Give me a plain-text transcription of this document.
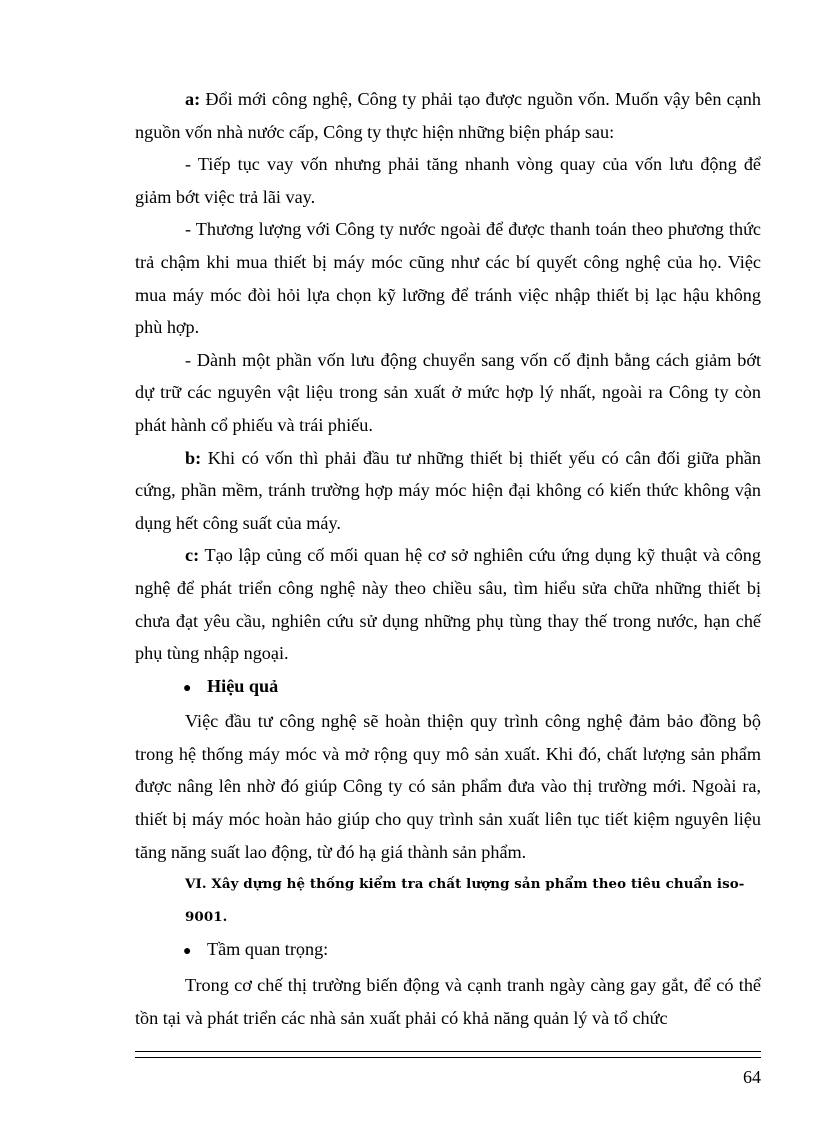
a: Đổi mới công nghệ, Công ty phải tạo được nguồn vốn. Muốn vậy bên cạnh nguồn vốn nhà nước cấp, Công ty thực hiện những biện pháp sau:

- Tiếp tục vay vốn nhưng phải tăng nhanh vòng quay của vốn lưu động để giảm bớt việc trả lãi vay.

- Thương lượng với Công ty nước ngoài để được thanh toán theo phương thức trả chậm khi mua thiết bị máy móc cũng như các bí quyết công nghệ của họ. Việc mua máy móc đòi hỏi lựa chọn kỹ lưỡng để tránh việc nhập thiết bị lạc hậu không phù hợp.

- Dành một phần vốn lưu động chuyển sang vốn cố định bằng cách giảm bớt dự trữ các nguyên vật liệu trong sản xuất ở mức hợp lý nhất, ngoài ra Công ty còn phát hành cổ phiếu và trái phiếu.

b: Khi có vốn thì phải đầu tư những thiết bị thiết yếu có cân đối giữa phần cứng, phần mềm, tránh trường hợp máy móc hiện đại không có kiến thức không vận dụng hết công suất của máy.

c: Tạo lập củng cố mối quan hệ cơ sở nghiên cứu ứng dụng kỹ thuật và công nghệ để phát triển công nghệ này theo chiều sâu, tìm hiểu sửa chữa những thiết bị chưa đạt yêu cầu, nghiên cứu sử dụng những phụ tùng thay thế trong nước, hạn chế phụ tùng nhập ngoại.

● Hiệu quả

Việc đầu tư công nghệ sẽ hoàn thiện quy trình công nghệ đảm bảo đồng bộ trong hệ thống máy móc và mở rộng quy mô sản xuất. Khi đó, chất lượng sản phẩm được nâng lên nhờ đó giúp Công ty có sản phẩm đưa vào thị trường mới. Ngoài ra, thiết bị máy móc hoàn hảo giúp cho quy trình sản xuất liên tục tiết kiệm nguyên liệu tăng năng suất lao động, từ đó hạ giá thành sản phẩm.

VI. Xây dựng hệ thống kiểm tra chất lượng sản phẩm theo tiêu chuẩn iso-9001.

● Tầm quan trọng:

Trong cơ chế thị trường biến động và cạnh tranh ngày càng gay gắt, để có thể tồn tại và phát triển các nhà sản xuất phải có khả năng quản lý và tổ chức

64
